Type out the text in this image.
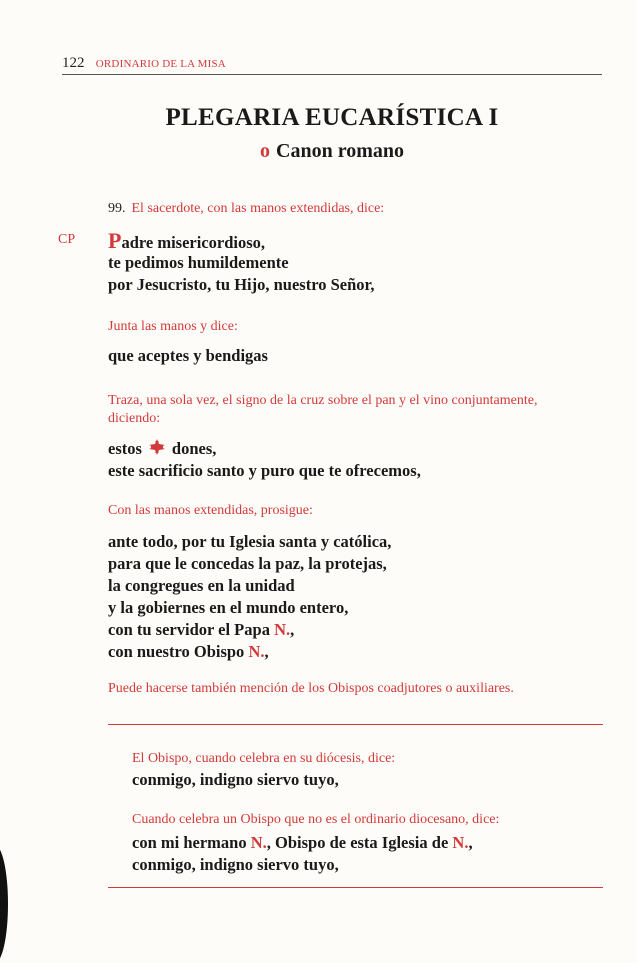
122 ORDINARIO DE LA MISA
PLEGARIA EUCARÍSTICA I
o Canon romano
99. El sacerdote, con las manos extendidas, dice:
CP Padre misericordioso,
te pedimos humildemente
por Jesucristo, tu Hijo, nuestro Señor,
Junta las manos y dice:
que aceptes y bendigas
Traza, una sola vez, el signo de la cruz sobre el pan y el vino conjuntamente,
diciendo:
estos dones,
este sacrificio santo y puro que te ofrecemos,
Con las manos extendidas, prosigue:
ante todo, por tu Iglesia santa y católica,
para que le concedas la paz, la protejas,
la congregues en la unidad
y la gobiernes en el mundo entero,
con tu servidor el Papa N.,
con nuestro Obispo N.,
Puede hacerse también mención de los Obispos coadjutores o auxiliares.
El Obispo, cuando celebra en su diócesis, dice:
conmigo, indigno siervo tuyo,
Cuando celebra un Obispo que no es el ordinario diocesano, dice:
con mi hermano N., Obispo de esta Iglesia de N.,
conmigo, indigno siervo tuyo,
